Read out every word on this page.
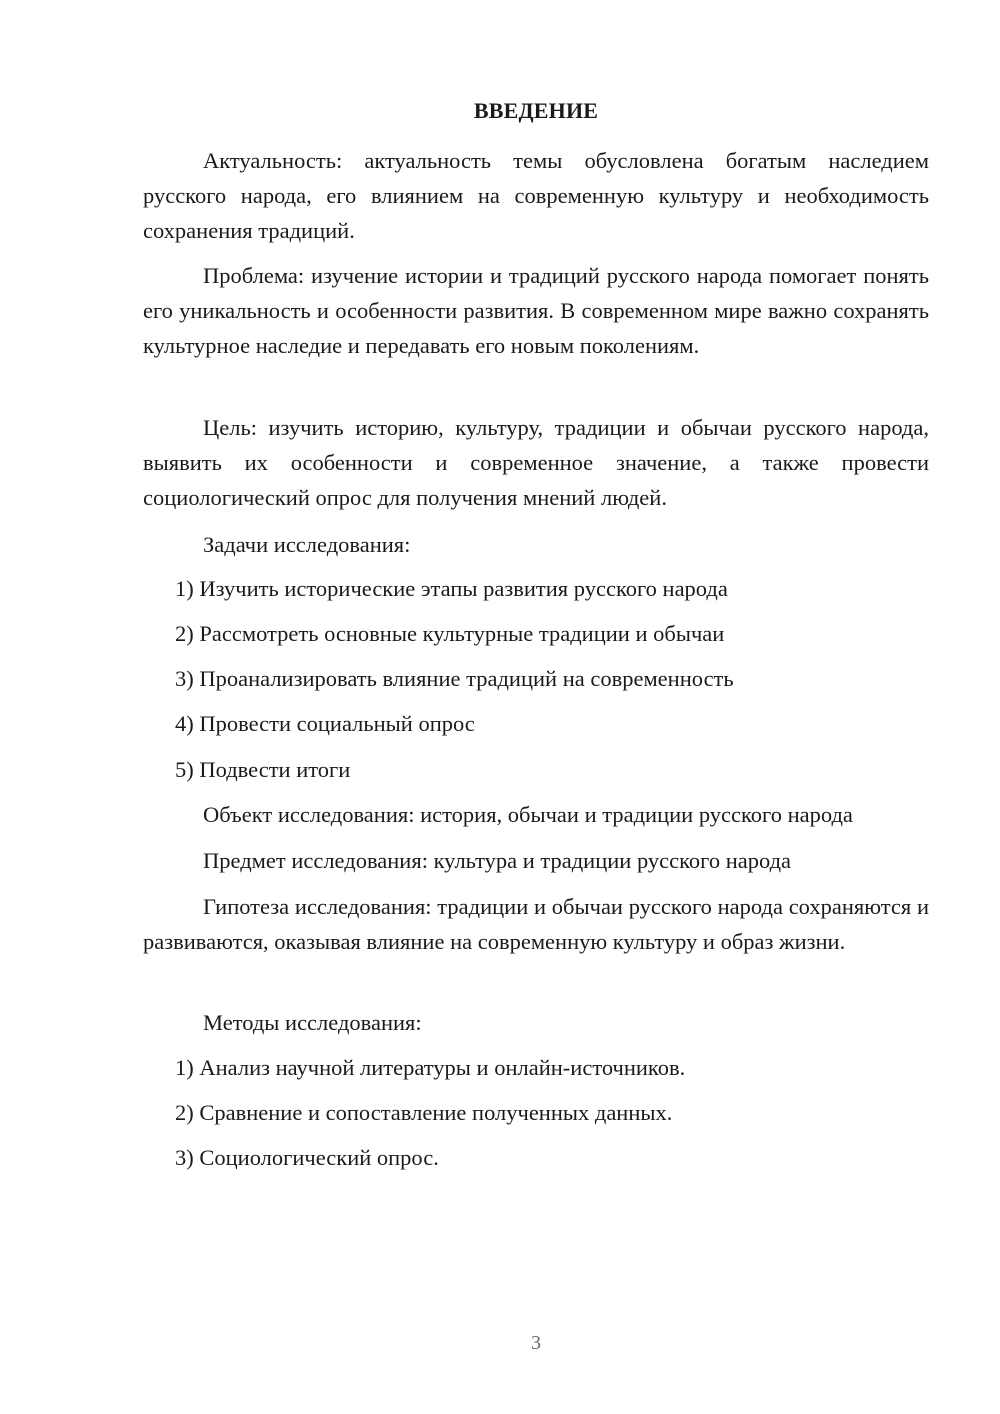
ВВЕДЕНИЕ

Актуальность: актуальность темы обусловлена богатым наследием русского народа, его влиянием на современную культуру и необходимость сохранения традиций.

Проблема: изучение истории и традиций русского народа помогает понять его уникальность и особенности развития. В современном мире важно сохранять культурное наследие и передавать его новым поколениям.

Цель: изучить историю, культуру, традиции и обычаи русского народа, выявить их особенности и современное значение, а также провести социологический опрос для получения мнений людей.

Задачи исследования:

1) Изучить исторические этапы развития русского народа

2) Рассмотреть основные культурные традиции и обычаи

3) Проанализировать влияние традиций на современность

4) Провести социальный опрос

5) Подвести итоги

Объект исследования: история, обычаи и традиции русского народа

Предмет исследования: культура и традиции русского народа

Гипотеза исследования: традиции и обычаи русского народа сохраняются и развиваются, оказывая влияние на современную культуру и образ жизни.

Методы исследования:

1) Анализ научной литературы и онлайн-источников.

2) Сравнение и сопоставление полученных данных.

3) Социологический опрос.

3
